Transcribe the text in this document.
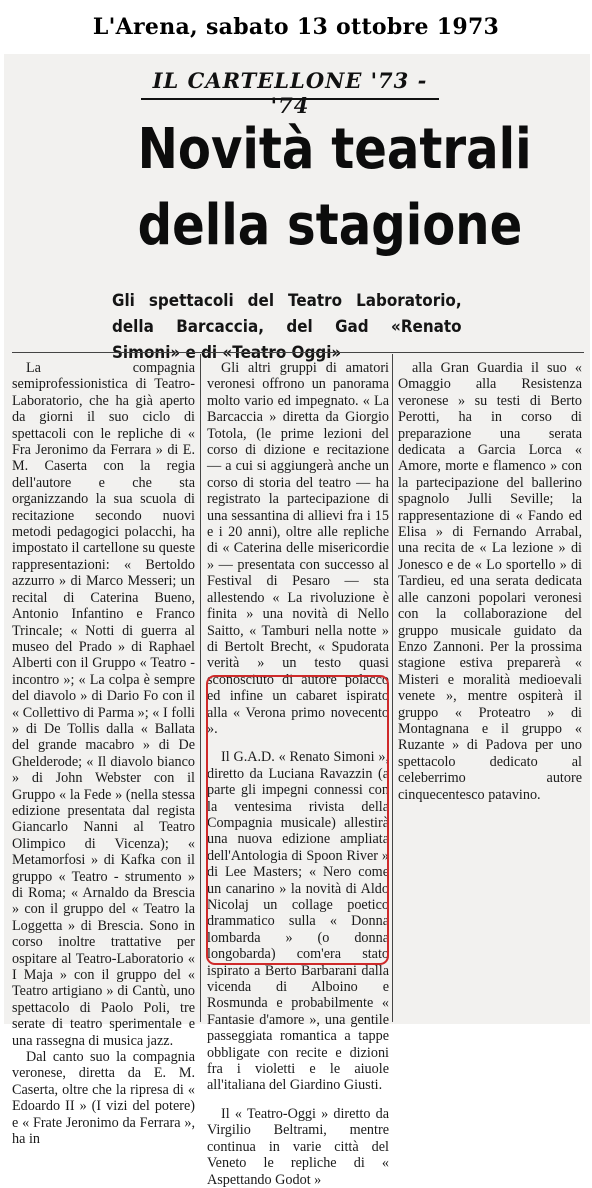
L'Arena, sabato 13 ottobre 1973
IL CARTELLONE '73 - '74
Novità teatrali
della stagione
Gli spettacoli del Teatro Laboratorio, della Barcaccia, del Gad «Renato Simoni» e di «Teatro Oggi»

La compagnia semiprofessionistica di Teatro-Laboratorio, che ha già aperto da giorni il suo ciclo di spettacoli con le repliche di « Fra Jeronimo da Ferrara » di E. M. Caserta con la regia dell'autore e che sta organizzando la sua scuola di recitazione secondo nuovi metodi pedagogici polacchi, ha impostato il cartellone su queste rappresentazioni: « Bertoldo azzurro » di Marco Messeri; un recital di Caterina Bueno, Antonio Infantino e Franco Trincale; « Notti di guerra al museo del Prado » di Raphael Alberti con il Gruppo « Teatro - incontro »; « La colpa è sempre del diavolo » di Dario Fo con il « Collettivo di Parma »; « I folli » di De Tollis dalla « Ballata del grande macabro » di De Ghelderode; « Il diavolo bianco » di John Webster con il Gruppo « la Fede » (nella stessa edizione presentata dal regista Giancarlo Nanni al Teatro Olimpico di Vicenza); « Metamorfosi » di Kafka con il gruppo « Teatro - strumento » di Roma; « Arnaldo da Brescia » con il gruppo del « Teatro la Loggetta » di Brescia. Sono in corso inoltre trattative per ospitare al Teatro-Laboratorio « I Maja » con il gruppo del « Teatro artigiano » di Cantù, uno spettacolo di Paolo Poli, tre serate di teatro sperimentale e una rassegna di musica jazz.

Dal canto suo la compagnia veronese, diretta da E. M. Caserta, oltre che la ripresa di « Edoardo II » (I vizi del potere) e « Frate Jeronimo da Ferrara », ha in

Gli altri gruppi di amatori veronesi offrono un panorama molto vario ed impegnato. « La Barcaccia » diretta da Giorgio Totola, (le prime lezioni del corso di dizione e recitazione — a cui si aggiungerà anche un corso di storia del teatro — ha registrato la partecipazione di una sessantina di allievi fra i 15 e i 20 anni), oltre alle repliche di « Caterina delle misericordie » — presentata con successo al Festival di Pesaro — sta allestendo « La rivoluzione è finita » una novità di Nello Saitto, « Tamburi nella notte » di Bertolt Brecht, « Spudorata verità » un testo quasi sconosciuto di autore polacco ed infine un cabaret ispirato alla « Verona primo novecento ».

Il G.A.D. « Renato Simoni », diretto da Luciana Ravazzin (a parte gli impegni connessi con la ventesima rivista della Compagnia musicale) allestirà una nuova edizione ampliata dell'Antologia di Spoon River » di Lee Masters; « Nero come un canarino » la novità di Aldo Nicolaj un collage poetico drammatico sulla « Donna lombarda » (o donna longobarda) com'era stato ispirato a Berto Barbarani dalla vicenda di Alboino e Rosmunda e probabilmente « Fantasie d'amore », una gentile passeggiata romantica a tappe obbligate con recite e dizioni fra i violetti e le aiuole all'italiana del Giardino Giusti.

Il « Teatro-Oggi » diretto da Virgilio Beltrami, mentre continua in varie città del Veneto le repliche di « Aspettando Godot »

alla Gran Guardia il suo « Omaggio alla Resistenza veronese » su testi di Berto Perotti, ha in corso di preparazione una serata dedicata a Garcia Lorca « Amore, morte e flamenco » con la partecipazione del ballerino spagnolo Julli Seville; la rappresentazione di « Fando ed Elisa » di Fernando Arrabal, una recita de « La lezione » di Jonesco e de « Lo sportello » di Tardieu, ed una serata dedicata alle canzoni popolari veronesi con la collaborazione del gruppo musicale guidato da Enzo Zannoni. Per la prossima stagione estiva preparerà « Misteri e moralità medioevali venete », mentre ospiterà il gruppo « Proteatro » di Montagnana e il gruppo « Ruzante » di Padova per uno spettacolo dedicato al celeberrimo autore cinquecentesco patavino.
